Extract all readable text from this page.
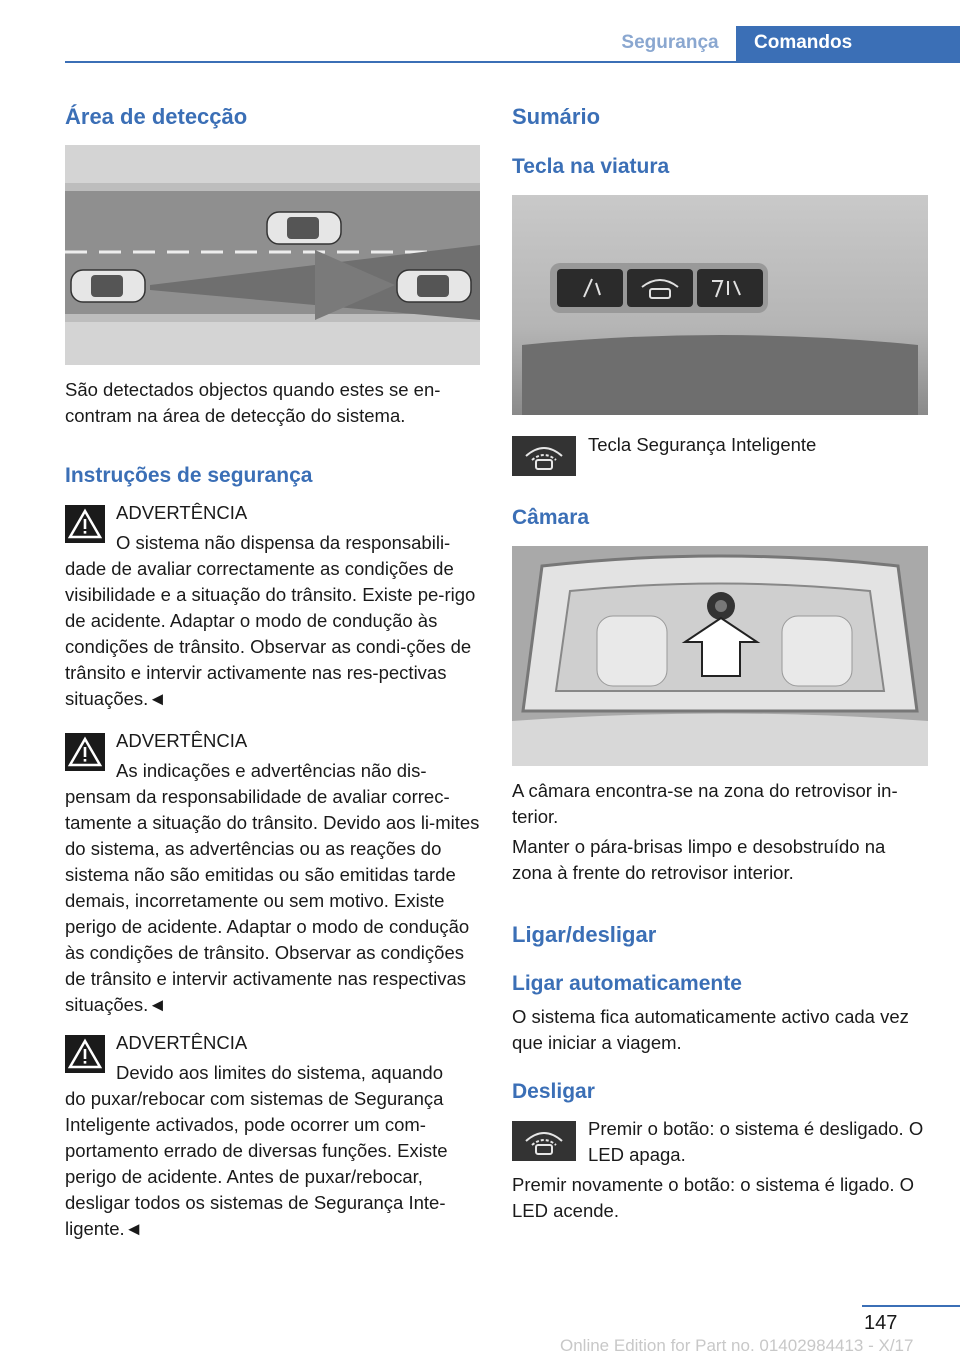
Segurança	Comandos
Área de detecção

São detectados objectos quando estes se en-contram na área de detecção do sistema.

Instruções de segurança

ADVERTÊNCIA

O sistema não dispensa da responsabili-

dade de avaliar correctamente as condições de visibilidade e a situação do trânsito. Existe pe-rigo de acidente. Adaptar o modo de condução às condições de trânsito. Observar as condi-ções de trânsito e intervir activamente nas res-pectivas situações.◄

ADVERTÊNCIA

As indicações e advertências não dis-

pensam da responsabilidade de avaliar correc-tamente a situação do trânsito. Devido aos li-mites do sistema, as advertências ou as reações do sistema não são emitidas ou são emitidas tarde demais, incorretamente ou sem motivo. Existe perigo de acidente. Adaptar o modo de condução às condições de trânsito. Observar as condições de trânsito e intervir activamente nas respectivas situações.◄

ADVERTÊNCIA

Devido aos limites do sistema, aquando

do puxar/rebocar com sistemas de Segurança Inteligente activados, pode ocorrer um com-portamento errado de diversas funções. Existe perigo de acidente. Antes de puxar/rebocar, desligar todos os sistemas de Segurança Inte-ligente.◄

Sumário
Tecla na viatura

Tecla Segurança Inteligente

Câmara

A câmara encontra-se na zona do retrovisor in-terior.

Manter o pára-brisas limpo e desobstruído na zona à frente do retrovisor interior.

Ligar/desligar
Ligar automaticamente

O sistema fica automaticamente activo cada vez que iniciar a viagem.

Desligar

Premir o botão: o sistema é desligado. O LED apaga.

Premir novamente o botão: o sistema é ligado. O LED acende.

147
Online Edition for Part no. 01402984413 - X/17
